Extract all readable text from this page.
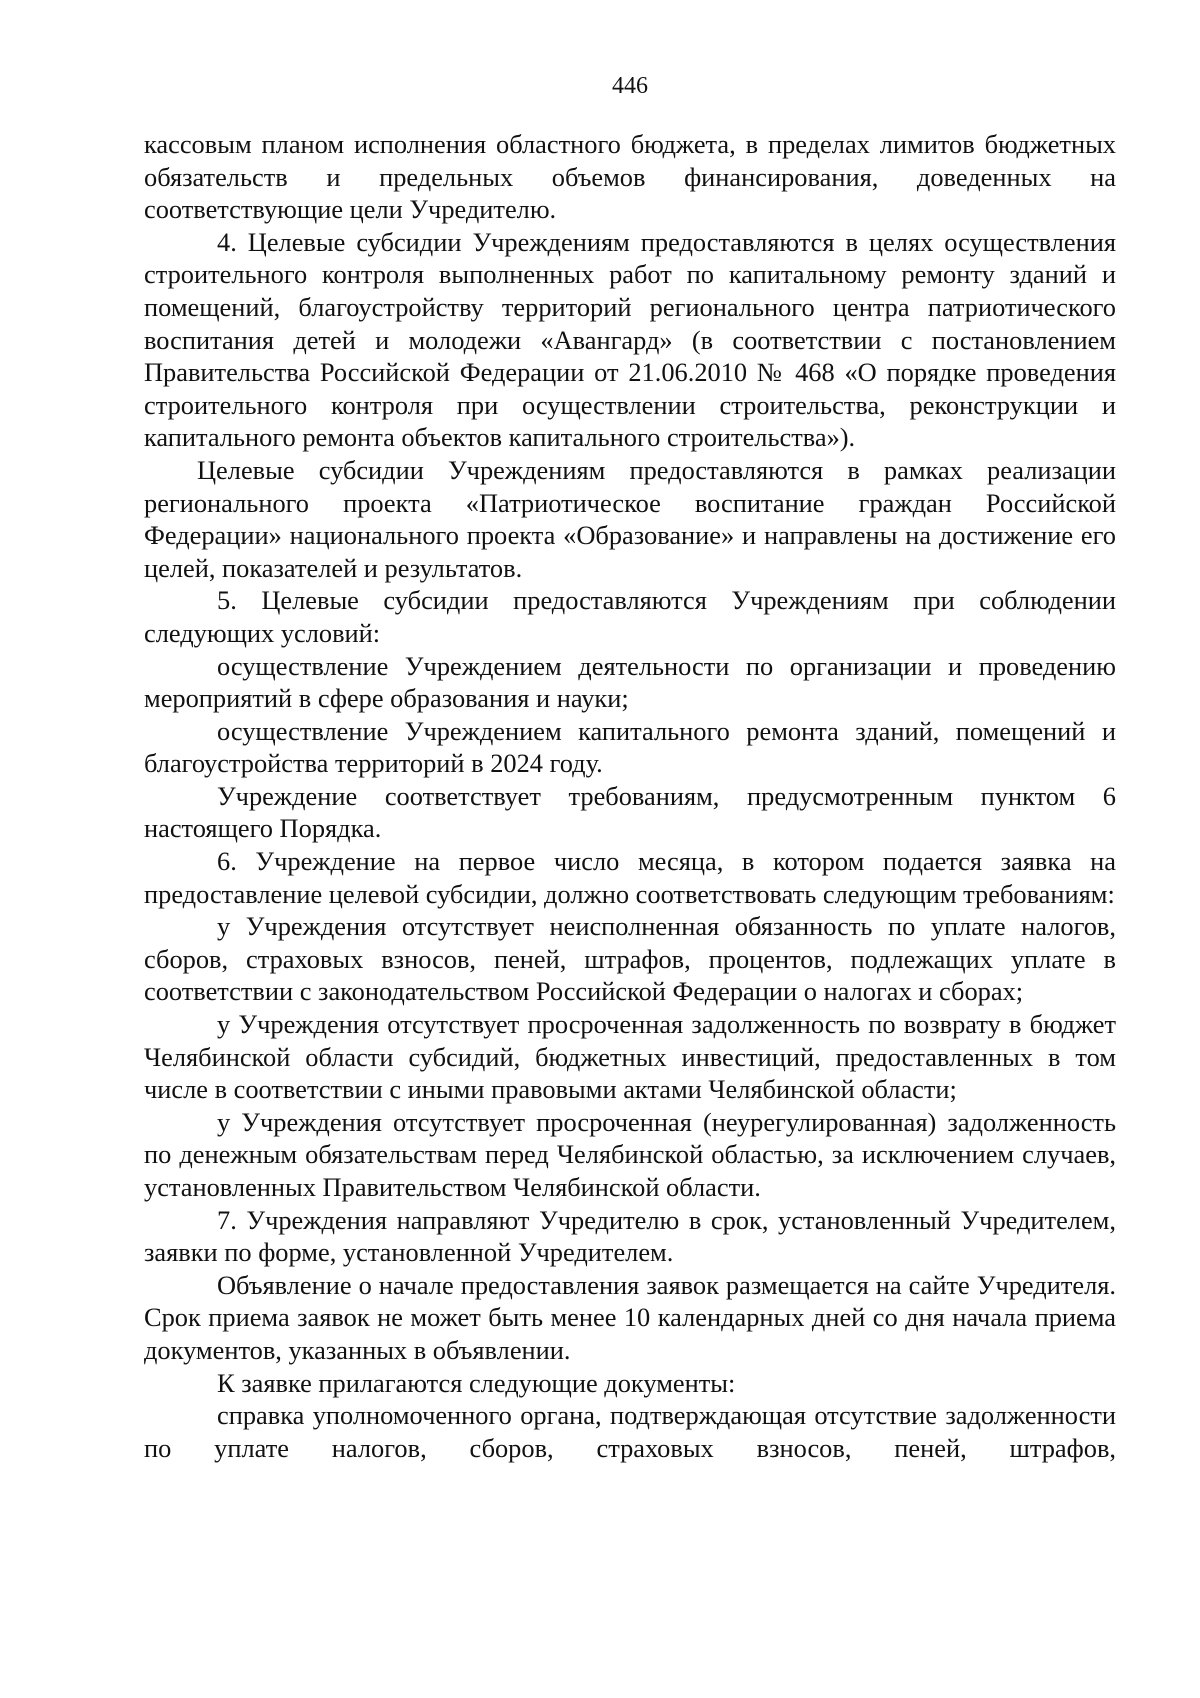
446

кассовым планом исполнения областного бюджета, в пределах лимитов бюджетных обязательств и предельных объемов финансирования, доведенных на соответствующие цели Учредителю.

4. Целевые субсидии Учреждениям предоставляются в целях осуществления строительного контроля выполненных работ по капитальному ремонту зданий и помещений, благоустройству территорий регионального центра патриотического воспитания детей и молодежи «Авангард» (в соответствии с постановлением Правительства Российской Федерации от 21.06.2010 № 468 «О порядке проведения строительного контроля при осуществлении строительства, реконструкции и капитального ремонта объектов капитального строительства»).

Целевые субсидии Учреждениям предоставляются в рамках реализации регионального проекта «Патриотическое воспитание граждан Российской Федерации» национального проекта «Образование» и направлены на достижение его целей, показателей и результатов.

5. Целевые субсидии предоставляются Учреждениям при соблюдении следующих условий:

осуществление Учреждением деятельности по организации и проведению мероприятий в сфере образования и науки;

осуществление Учреждением капитального ремонта зданий, помещений и благоустройства территорий в 2024 году.

Учреждение соответствует требованиям, предусмотренным пунктом 6 настоящего Порядка.

6. Учреждение на первое число месяца, в котором подается заявка на предоставление целевой субсидии, должно соответствовать следующим требованиям:

у Учреждения отсутствует неисполненная обязанность по уплате налогов, сборов, страховых взносов, пеней, штрафов, процентов, подлежащих уплате в соответствии с законодательством Российской Федерации о налогах и сборах;

у Учреждения отсутствует просроченная задолженность по возврату в бюджет Челябинской области субсидий, бюджетных инвестиций, предоставленных в том числе в соответствии с иными правовыми актами Челябинской области;

у Учреждения отсутствует просроченная (неурегулированная) задолженность по денежным обязательствам перед Челябинской областью, за исключением случаев, установленных Правительством Челябинской области.

7. Учреждения направляют Учредителю в срок, установленный Учредителем, заявки по форме, установленной Учредителем.

Объявление о начале предоставления заявок размещается на сайте Учредителя. Срок приема заявок не может быть менее 10 календарных дней со дня начала приема документов, указанных в объявлении.

К заявке прилагаются следующие документы:

справка уполномоченного органа, подтверждающая отсутствие задолженности по уплате налогов, сборов, страховых взносов, пеней, штрафов,
